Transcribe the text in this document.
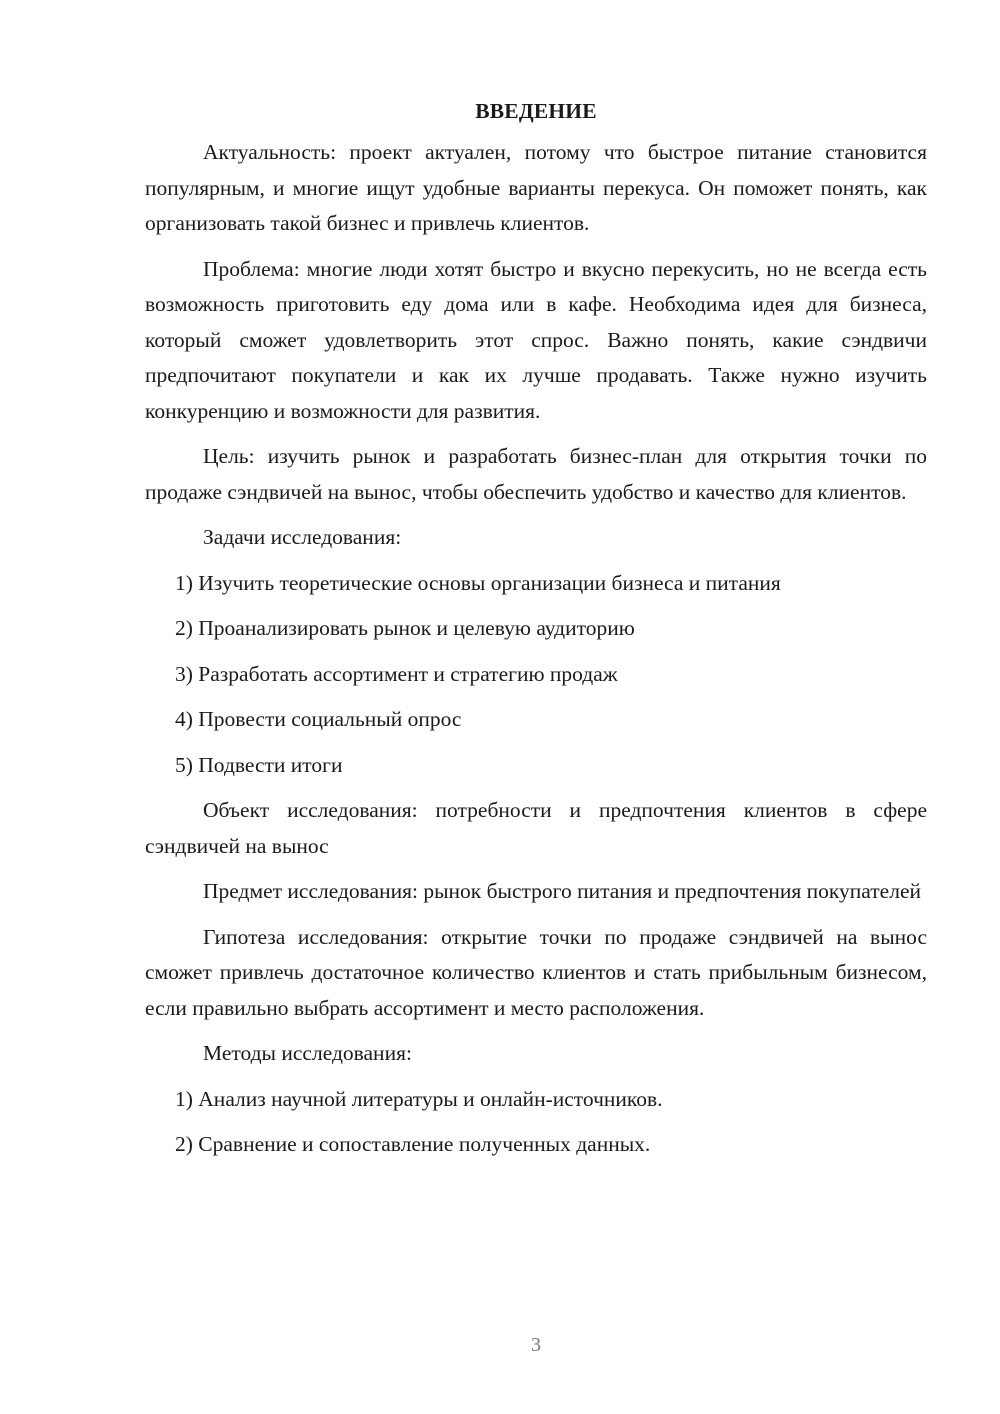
ВВЕДЕНИЕ

Актуальность: проект актуален, потому что быстрое питание становится популярным, и многие ищут удобные варианты перекуса. Он поможет понять, как организовать такой бизнес и привлечь клиентов.

Проблема: многие люди хотят быстро и вкусно перекусить, но не всегда есть возможность приготовить еду дома или в кафе. Необходима идея для бизнеса, который сможет удовлетворить этот спрос. Важно понять, какие сэндвичи предпочитают покупатели и как их лучше продавать. Также нужно изучить конкуренцию и возможности для развития.

Цель: изучить рынок и разработать бизнес-план для открытия точки по продаже сэндвичей на вынос, чтобы обеспечить удобство и качество для клиентов.

Задачи исследования:

1) Изучить теоретические основы организации бизнеса и питания

2) Проанализировать рынок и целевую аудиторию

3) Разработать ассортимент и стратегию продаж

4) Провести социальный опрос

5) Подвести итоги

Объект исследования: потребности и предпочтения клиентов в сфере сэндвичей на вынос

Предмет исследования: рынок быстрого питания и предпочтения покупателей

Гипотеза исследования: открытие точки по продаже сэндвичей на вынос сможет привлечь достаточное количество клиентов и стать прибыльным бизнесом, если правильно выбрать ассортимент и место расположения.

Методы исследования:

1) Анализ научной литературы и онлайн-источников.

2) Сравнение и сопоставление полученных данных.

3
